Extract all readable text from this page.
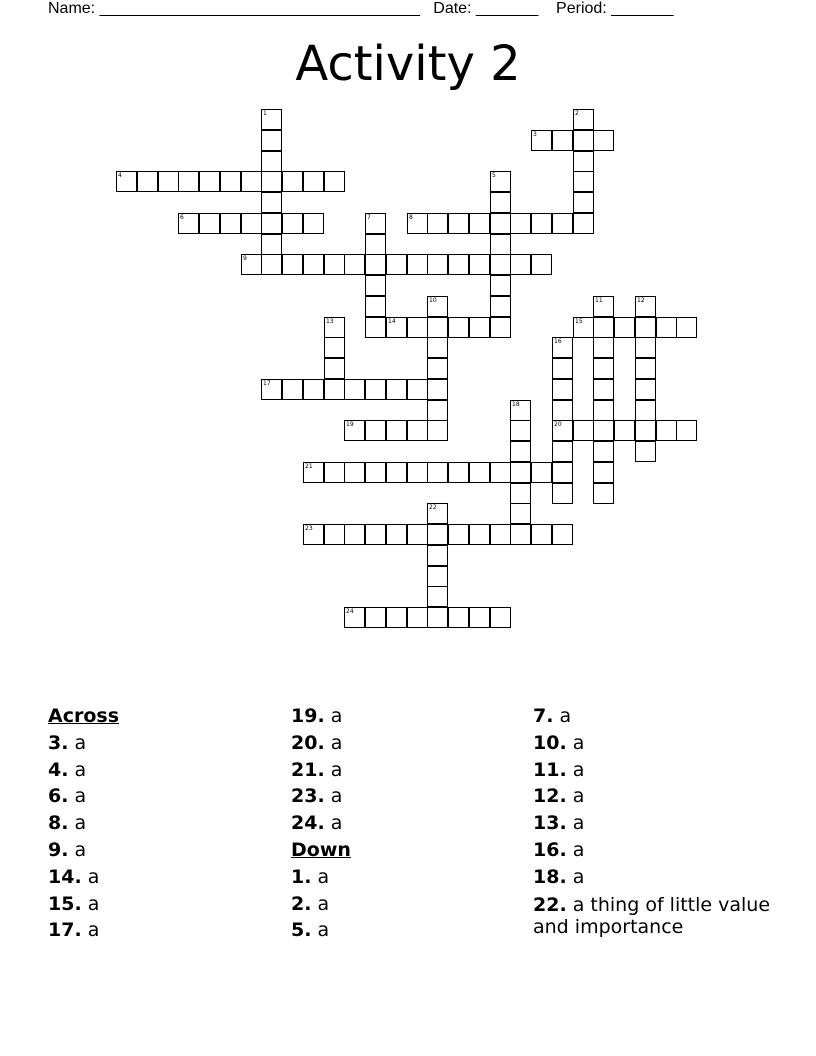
Name: ____________________________________ Date: _______ Period: _______
Activity 2
1	2
3
4	5
6	7	8
9
10	11	12
13	14	15
16
20
17
18
19
21
22
23
24
Across
3. a
4. a
6. a
8. a
9. a
14. a
15. a
17. a
19. a
20. a
21. a
23. a
24. a
Down
1. a
2. a
5. a
7. a
10. a
11. a
12. a
13. a
16. a
18. a
22. a thing of little value and importance
